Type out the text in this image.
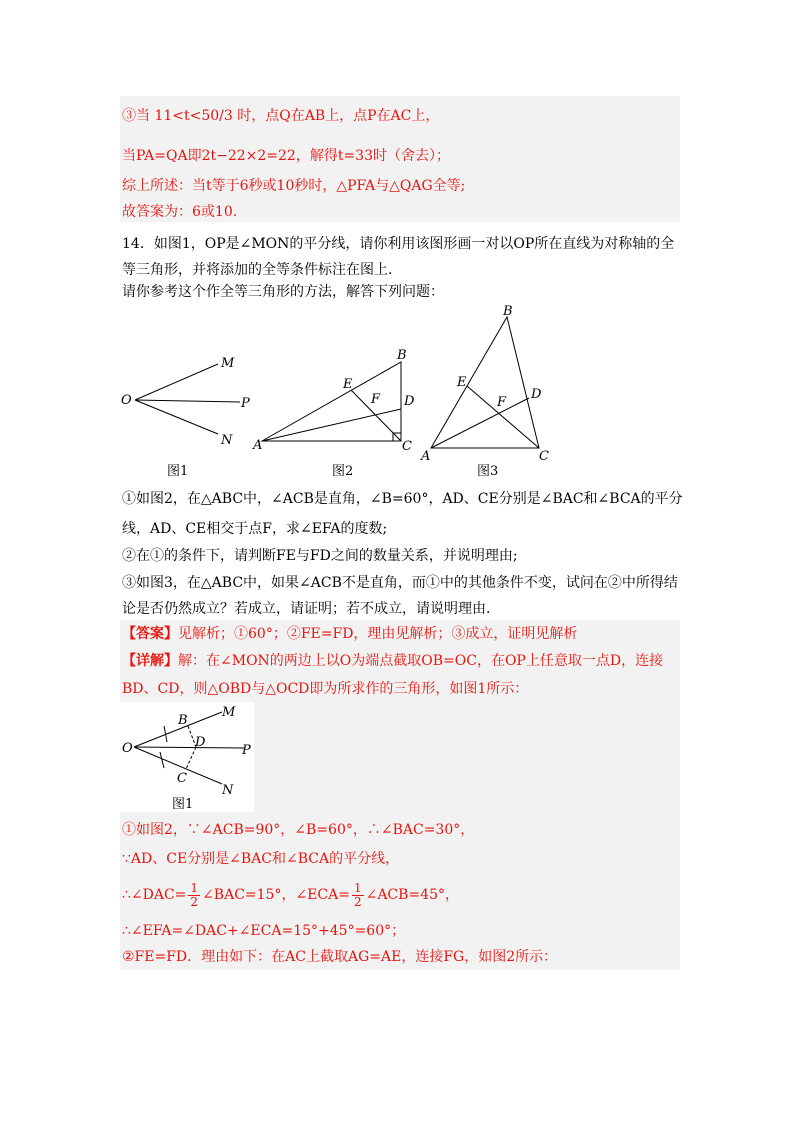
③当 11<t<50/3 时，点Q在AB上，点P在AC上，
当PA=QA即2t−22×2=22，解得t=33时（舍去）；
综上所述：当t等于6秒或10秒时，△PFA与△QAG全等;
故答案为：6或10.
14．如图1，OP是∠MON的平分线，请你利用该图形画一对以OP所在直线为对称轴的全
等三角形，并将添加的全等条件标注在图上.
请你参考这个作全等三角形的方法，解答下列问题：
O
M
P
N
图1
A
B
C
D
E
F
图2
A
B
C
D
E
F
图3
①如图2，在△ABC中，∠ACB是直角，∠B=60°，AD、CE分别是∠BAC和∠BCA的平分
线，AD、CE相交于点F，求∠EFA的度数;
②在①的条件下，请判断FE与FD之间的数量关系，并说明理由;
③如图3，在△ABC中，如果∠ACB不是直角，而①中的其他条件不变，试问在②中所得结
论是否仍然成立？若成立，请证明；若不成立，请说明理由.
【答案】见解析；①60°；②FE=FD，理由见解析；③成立，证明见解析
【详解】解：在∠MON的两边上以O为端点截取OB=OC，在OP上任意取一点D，连接
BD、CD，则△OBD与△OCD即为所求作的三角形，如图1所示：
O
B
M
D
P
C
N
图1
①如图2，∵∠ACB=90°，∠B=60°，∴∠BAC=30°，
∵AD、CE分别是∠BAC和∠BCA的平分线，
∴∠DAC= $\frac{1}{2}$ ∠BAC=15°，∠ECA= $\frac{1}{2}$ ∠ACB=45°，
∴∠EFA=∠DAC+∠ECA=15°+45°=60°；
②FE=FD．理由如下：在AC上截取AG=AE，连接FG，如图2所示：
